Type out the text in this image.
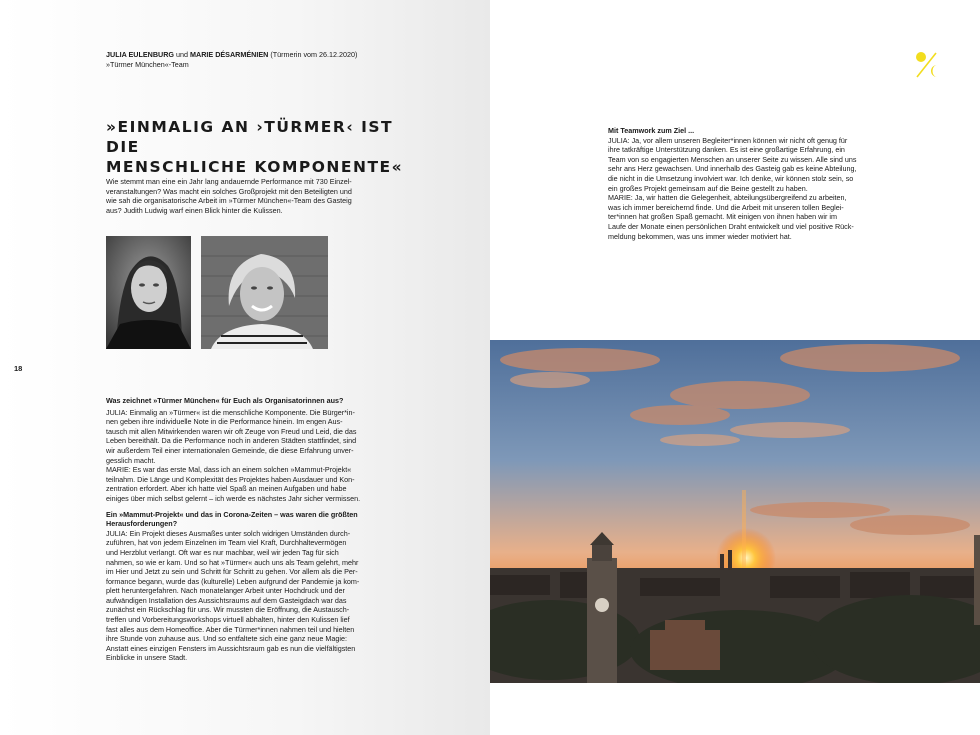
JULIA EULENBURG und MARIE DÉSARMÉNIEN (Türmerin vom 26.12.2020)
»Türmer München«-Team
»EINMALIG AN ›TÜRMER‹ IST DIE
MENSCHLICHE KOMPONENTE«
Wie stemmt man eine ein Jahr lang andauernde Performance mit 730 Einzel-
veranstaltungen? Was macht ein solches Großprojekt mit den Beteiligten und
wie sah die organisatorische Arbeit im »Türmer München«-Team des Gasteig
aus? Judith Ludwig warf einen Blick hinter die Kulissen.
18

Was zeichnet »Türmer München« für Euch als Organisatorinnen aus?

JULIA: Einmalig an »Türmer« ist die menschliche Komponente. Die Bürger*in-
nen geben ihre individuelle Note in die Performance hinein. Im engen Aus-
tausch mit allen Mitwirkenden waren wir oft Zeuge von Freud und Leid, die das
Leben bereithält. Da die Performance noch in anderen Städten stattfindet, sind
wir außerdem Teil einer internationalen Gemeinde, die diese Erfahrung unver-
gesslich macht.
MARIE: Es war das erste Mal, dass ich an einem solchen »Mammut-Projekt«
teilnahm. Die Länge und Komplexität des Projektes haben Ausdauer und Kon-
zentration erfordert. Aber ich hatte viel Spaß an meinen Aufgaben und habe
einiges über mich selbst gelernt – ich werde es nächstes Jahr sicher vermissen.
Ein »Mammut-Projekt« und das in Corona-Zeiten – was waren die größten
Herausforderungen?
JULIA: Ein Projekt dieses Ausmaßes unter solch widrigen Umständen durch-
zuführen, hat von jedem Einzelnen im Team viel Kraft, Durchhaltevermögen
und Herzblut verlangt. Oft war es nur machbar, weil wir jeden Tag für sich
nahmen, so wie er kam. Und so hat »Türmer« auch uns als Team gelehrt, mehr
im Hier und Jetzt zu sein und Schritt für Schritt zu gehen. Vor allem als die Per-
formance begann, wurde das (kulturelle) Leben aufgrund der Pandemie ja kom-
plett heruntergefahren. Nach monatelanger Arbeit unter Hochdruck und der
aufwändigen Installation des Aussichtsraums auf dem Gasteigdach war das
zunächst ein Rückschlag für uns. Wir mussten die Eröffnung, die Austausch-
treffen und Vorbereitungsworkshops virtuell abhalten, hinter den Kulissen lief
fast alles aus dem Homeoffice. Aber die Türmer*innen nahmen teil und hielten
ihre Stunde von zuhause aus. Und so entfaltete sich eine ganz neue Magie:
Anstatt eines einzigen Fensters im Aussichtsraum gab es nun die vielfältigsten
Einblicke in unsere Stadt.

Mit Teamwork zum Ziel ...

JULIA: Ja, vor allem unseren Begleiter*innen können wir nicht oft genug für
ihre tatkräftige Unterstützung danken. Es ist eine großartige Erfahrung, ein
Team von so engagierten Menschen an unserer Seite zu wissen. Alle sind uns
sehr ans Herz gewachsen. Und innerhalb des Gasteig gab es keine Abteilung,
die nicht in die Umsetzung involviert war. Ich denke, wir können stolz sein, so
ein großes Projekt gemeinsam auf die Beine gestellt zu haben.
MARIE: Ja, wir hatten die Gelegenheit, abteilungsübergreifend zu arbeiten,
was ich immer bereichernd finde. Und die Arbeit mit unseren tollen Beglei-
ter*innen hat großen Spaß gemacht. Mit einigen von ihnen haben wir im
Laufe der Monate einen persönlichen Draht entwickelt und viel positive Rück-
meldung bekommen, was uns immer wieder motiviert hat.
